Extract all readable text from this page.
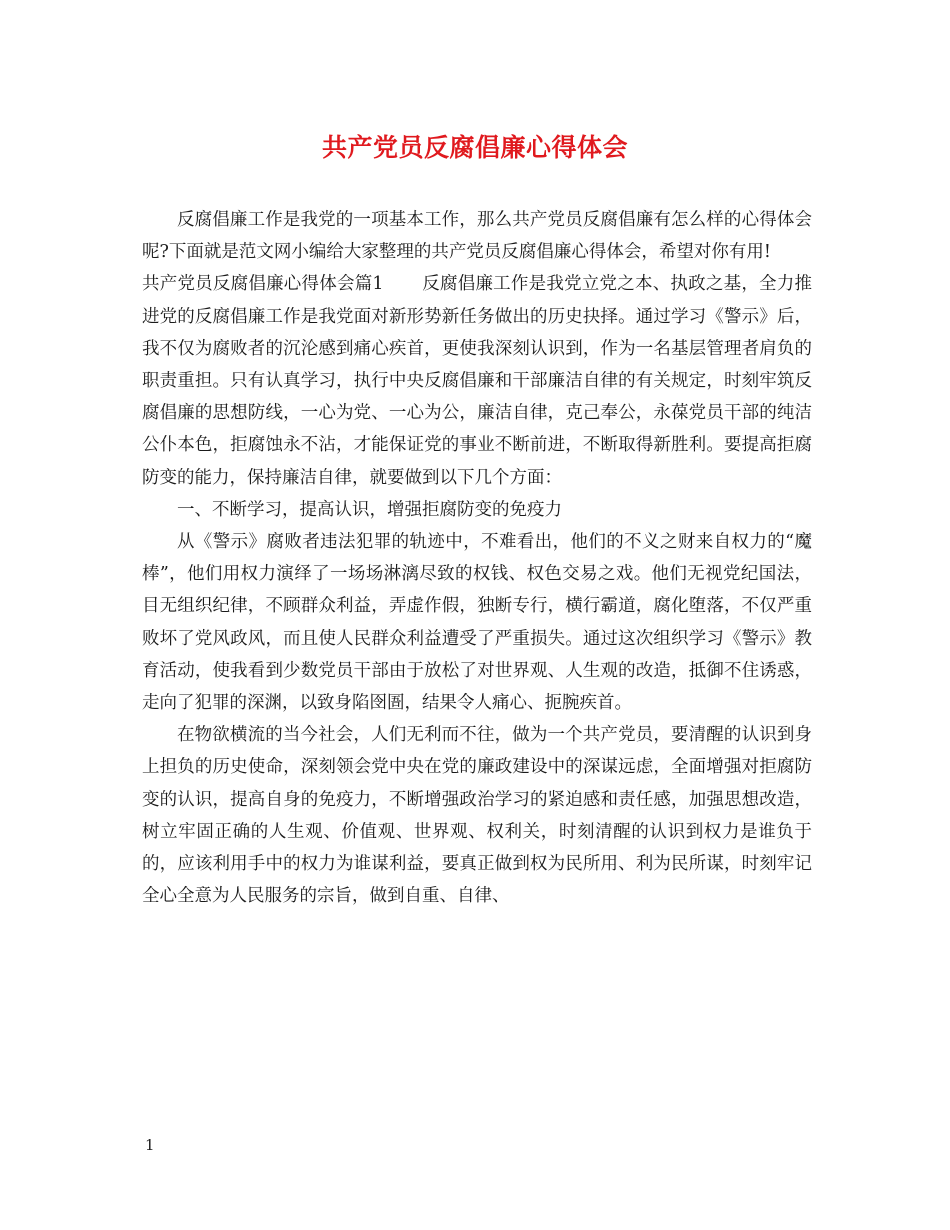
共产党员反腐倡廉心得体会

反腐倡廉工作是我党的一项基本工作，那么共产党员反腐倡廉有怎么样的心得体会呢?下面就是范文网小编给大家整理的共产党员反腐倡廉心得体会，希望对你有用!

共产党员反腐倡廉心得体会篇1 反腐倡廉工作是我党立党之本、执政之基，全力推进党的反腐倡廉工作是我党面对新形势新任务做出的历史抉择。通过学习《警示》后，我不仅为腐败者的沉沦感到痛心疾首，更使我深刻认识到，作为一名基层管理者肩负的职责重担。只有认真学习，执行中央反腐倡廉和干部廉洁自律的有关规定，时刻牢筑反腐倡廉的思想防线，一心为党、一心为公，廉洁自律，克己奉公，永葆党员干部的纯洁公仆本色，拒腐蚀永不沾，才能保证党的事业不断前进，不断取得新胜利。要提高拒腐防变的能力，保持廉洁自律，就要做到以下几个方面：

一、不断学习，提高认识，增强拒腐防变的免疫力

从《警示》腐败者违法犯罪的轨迹中，不难看出，他们的不义之财来自权力的“魔棒”，他们用权力演绎了一场场淋漓尽致的权钱、权色交易之戏。他们无视党纪国法，目无组织纪律，不顾群众利益，弄虚作假，独断专行，横行霸道，腐化堕落，不仅严重败坏了党风政风，而且使人民群众利益遭受了严重损失。通过这次组织学习《警示》教育活动，使我看到少数党员干部由于放松了对世界观、人生观的改造，抵御不住诱惑，走向了犯罪的深渊，以致身陷囹圄，结果令人痛心、扼腕疾首。

在物欲横流的当今社会，人们无利而不往，做为一个共产党员，要清醒的认识到身上担负的历史使命，深刻领会党中央在党的廉政建设中的深谋远虑，全面增强对拒腐防变的认识，提高自身的免疫力，不断增强政治学习的紧迫感和责任感，加强思想改造，树立牢固正确的人生观、价值观、世界观、权利关，时刻清醒的认识到权力是谁负于的，应该利用手中的权力为谁谋利益，要真正做到权为民所用、利为民所谋，时刻牢记全心全意为人民服务的宗旨，做到自重、自律、

1
